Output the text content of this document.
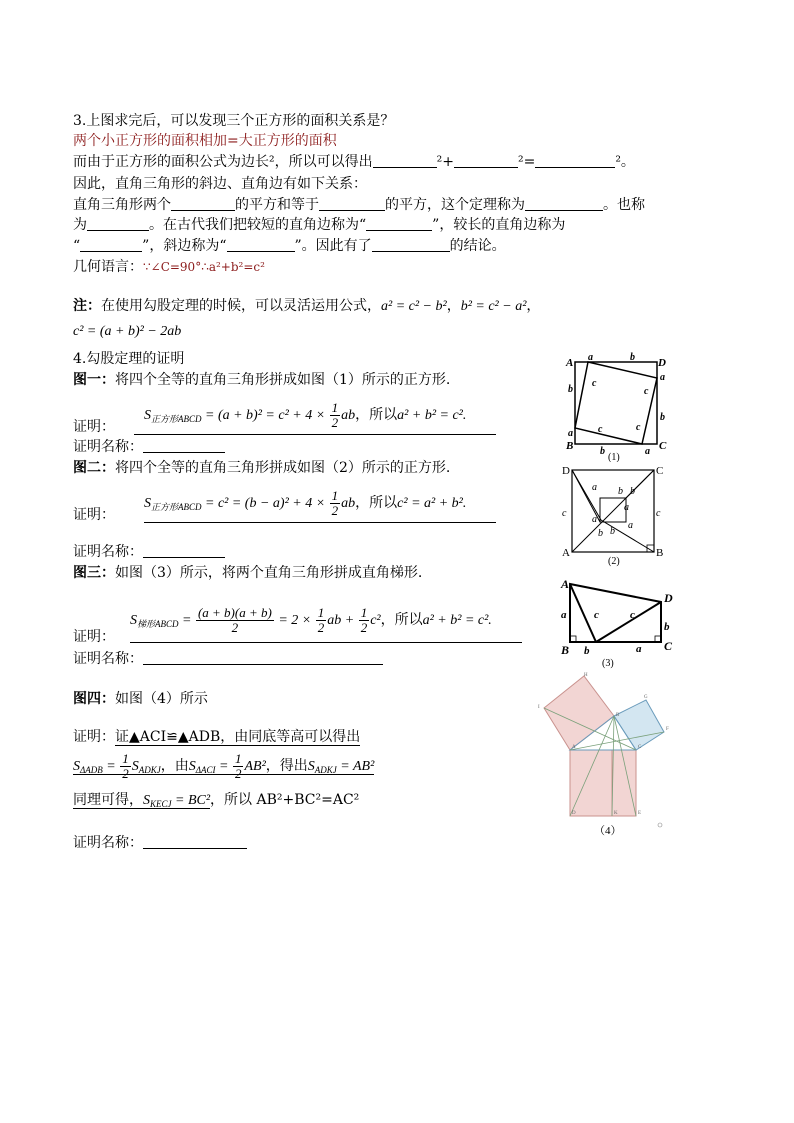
3.上图求完后，可以发现三个正方形的面积关系是？
两个小正方形的面积相加=大正方形的面积
而由于正方形的面积公式为边长²，所以可以得出	²+	²=	²。
因此，直角三角形的斜边、直角边有如下关系：
直角三角形两个	的平方和等于	的平方，这个定理称为	。也称
为	。在古代我们把较短的直角边称为“	”，较长的直角边称为
“	”，斜边称为“	”。因此有了	的结论。
几何语言：∵∠C=90°∴a²+b²=c²
注：在使用勾股定理的时候，可以灵活运用公式，a² = c² − b²，b² = c² − a²，
c² = (a + b)² − 2ab
4.勾股定理的证明
图一：将四个全等的直角三角形拼成如图（1）所示的正方形.
证明：
$S_{正方形ABCD} = (a + b)^2 = c^2 + 4 \times \frac{1}{2}$ ab，所以a² + b² = c².
证明名称：
图二：将四个全等的直角三角形拼成如图（2）所示的正方形.
证明：
$S_{正方形ABCD} = c^2 = (b - a)^2 + 4 \times \frac{1}{2}$ ab，所以c² = a² + b².
证明名称：
图三：如图（3）所示，将两个直角三角形拼成直角梯形.
证明：
$S_{梯形ABCD} = \frac{(a + b)(a + b)}{2} = 2 \times \frac{1}{2}$ ab + $\frac{1}{2} c^2$，所以a² + b² = c².
证明名称：
图四：如图（4）所示
证明：证▲ACI≌▲ADB，由同底等高可以得出
$S_{\Delta ADB} = \frac{1}{2} S_{ADKJ}$，由$S_{\Delta ACI} = \frac{1}{2} AB^2$，得出$S_{ADKJ} = AB^2$
同理可得，$S_{KECJ} = BC^2$，所以 AB²+BC²=AC²
证明名称：
A	D
B	C
a	b
b
a
a
b
b	a
c
c
c	c
(1)
D	C
A	B
a b b
a
c	c
a
b b
a
(2)
A
D
B	C
a	c	c
b
b	a
(3)
H
I
G
F
B
A	C
D	K	E
（4）
